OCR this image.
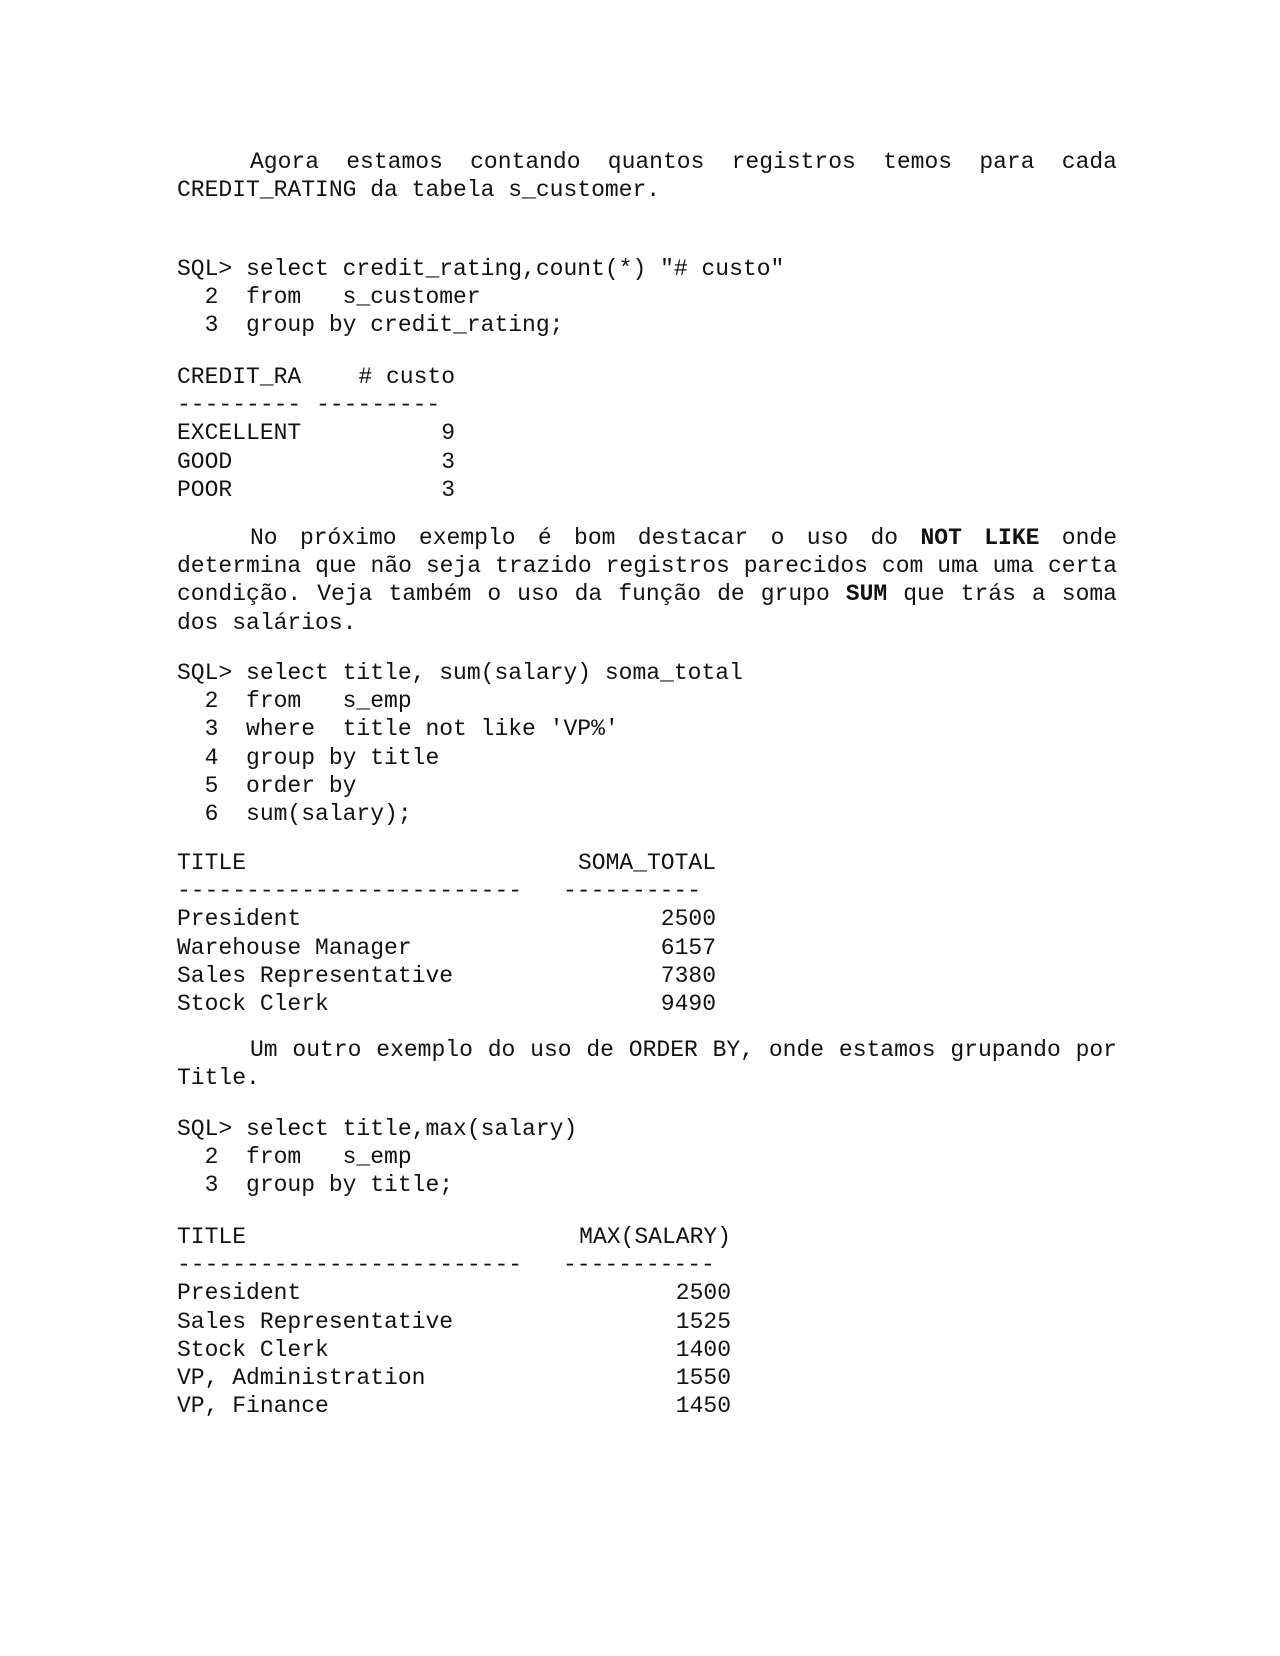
Agora estamos contando quantos registros temos para cada CREDIT_RATING da tabela s_customer.

SQL> select credit_rating,count(*) "# custo"
2  from   s_customer
3  group by credit_rating;
CREDIT_RA # custo
--------- ---------
EXCELLENT	9
GOOD	3
POOR	3

No próximo exemplo é bom destacar o uso do NOT LIKE onde determina que não seja trazido registros parecidos com uma uma certa condição. Veja também o uso da função de grupo SUM que trás a soma dos salários.

SQL> select title, sum(salary) soma_total
2  from   s_emp
3  where  title not like 'VP%'
4  group by title
5  order by
6  sum(salary);
TITLE	SOMA_TOTAL
------------------------- ----------
President	2500
Warehouse Manager	6157
Sales Representative	7380
Stock Clerk	9490

Um outro exemplo do uso de ORDER BY, onde estamos grupando por Title.

SQL> select title,max(salary)
2  from   s_emp
3  group by title;
TITLE	MAX(SALARY)
------------------------- -----------
President	2500
Sales Representative	1525
Stock Clerk	1400
VP, Administration	1550
VP, Finance	1450
